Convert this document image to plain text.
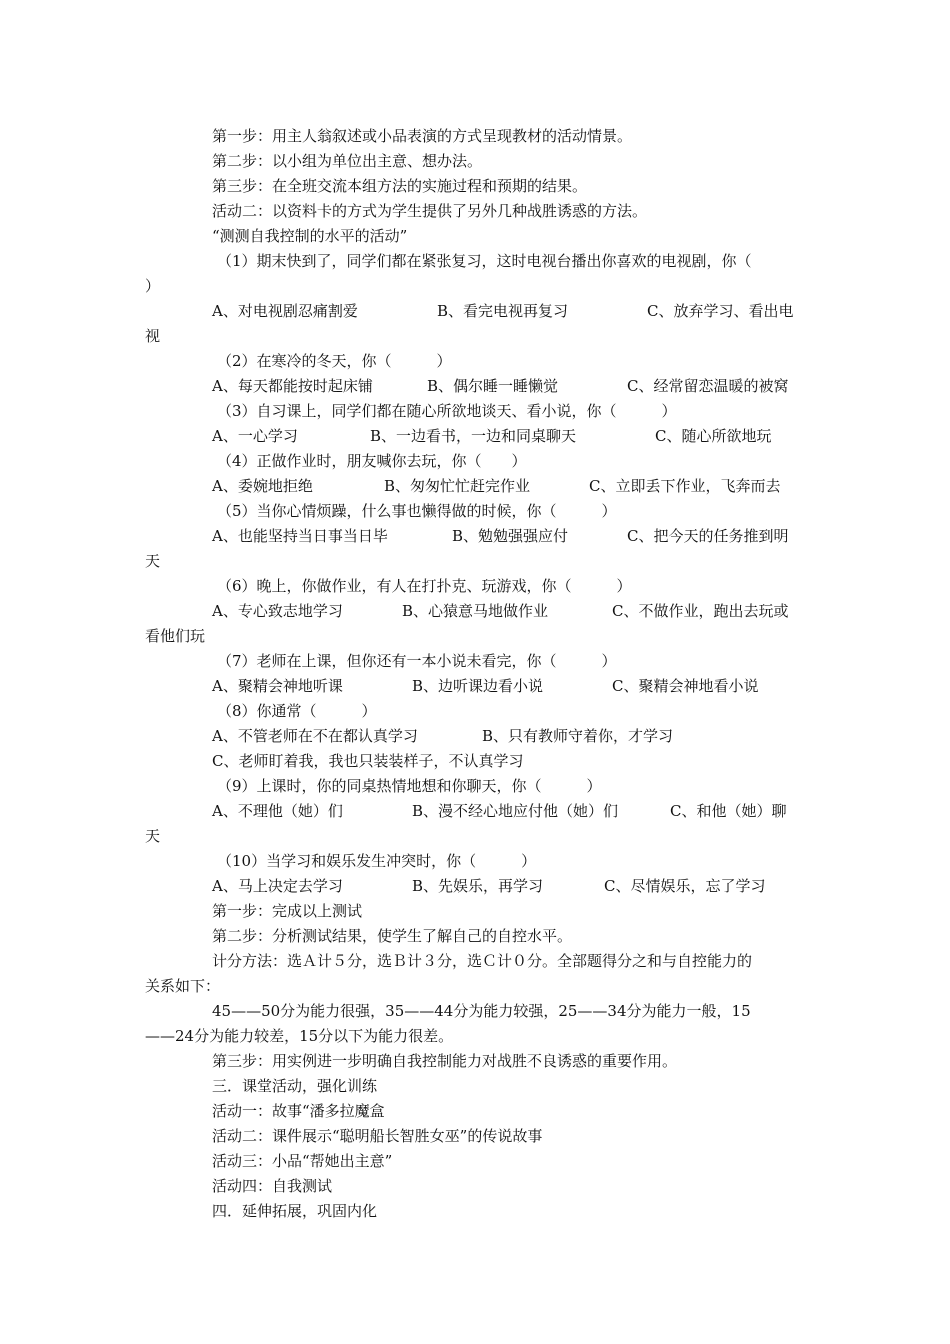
第一步：用主人翁叙述或小品表演的方式呈现教材的活动情景。
第二步：以小组为单位出主意、想办法。
第三步：在全班交流本组方法的实施过程和预期的结果。
活动二：以资料卡的方式为学生提供了另外几种战胜诱惑的方法。
“测测自我控制的水平的活动”
（1）期末快到了，同学们都在紧张复习，这时电视台播出你喜欢的电视剧，你（
）
A、对电视剧忍痛割爱	B、看完电视再复习	C、放弃学习、看出电
视
（2）在寒冷的冬天，你（　　　）
A、每天都能按时起床铺	B、偶尔睡一睡懒觉	C、经常留恋温暖的被窝
（3）自习课上，同学们都在随心所欲地谈天、看小说，你（　　　）
A、一心学习	B、一边看书，一边和同桌聊天	C、随心所欲地玩
（4）正做作业时，朋友喊你去玩，你（　　）
A、委婉地拒绝	B、匆匆忙忙赶完作业	C、立即丢下作业，飞奔而去
（5）当你心情烦躁，什么事也懒得做的时候，你（　　　）
A、也能坚持当日事当日毕	B、勉勉强强应付	C、把今天的任务推到明
天
（6）晚上，你做作业，有人在打扑克、玩游戏，你（　　　）
A、专心致志地学习	B、心猿意马地做作业	C、不做作业，跑出去玩或
看他们玩
（7）老师在上课，但你还有一本小说未看完，你（　　　）
A、聚精会神地听课	B、边听课边看小说	C、聚精会神地看小说
（8）你通常（　　　）
A、不管老师在不在都认真学习	B、只有教师守着你，才学习
C、老师盯着我，我也只装装样子，不认真学习
（9）上课时，你的同桌热情地想和你聊天，你（　　　）
A、不理他（她）们	B、漫不经心地应付他（她）们	C、和他（她）聊
天
（10）当学习和娱乐发生冲突时，你（　　　）
A、马上决定去学习	B、先娱乐，再学习	C、尽情娱乐，忘了学习
第一步：完成以上测试
第二步：分析测试结果，使学生了解自己的自控水平。
计分方法：选Ａ计５分，选Ｂ计３分，选Ｃ计０分。全部题得分之和与自控能力的
关系如下：
45——50分为能力很强，35——44分为能力较强，25——34分为能力一般，15
——24分为能力较差，15分以下为能力很差。
第三步：用实例进一步明确自我控制能力对战胜不良诱惑的重要作用。
三．课堂活动，强化训练
活动一：故事“潘多拉魔盒
活动二：课件展示“聪明船长智胜女巫”的传说故事
活动三：小品“帮她出主意”
活动四：自我测试
四．延伸拓展，巩固内化
